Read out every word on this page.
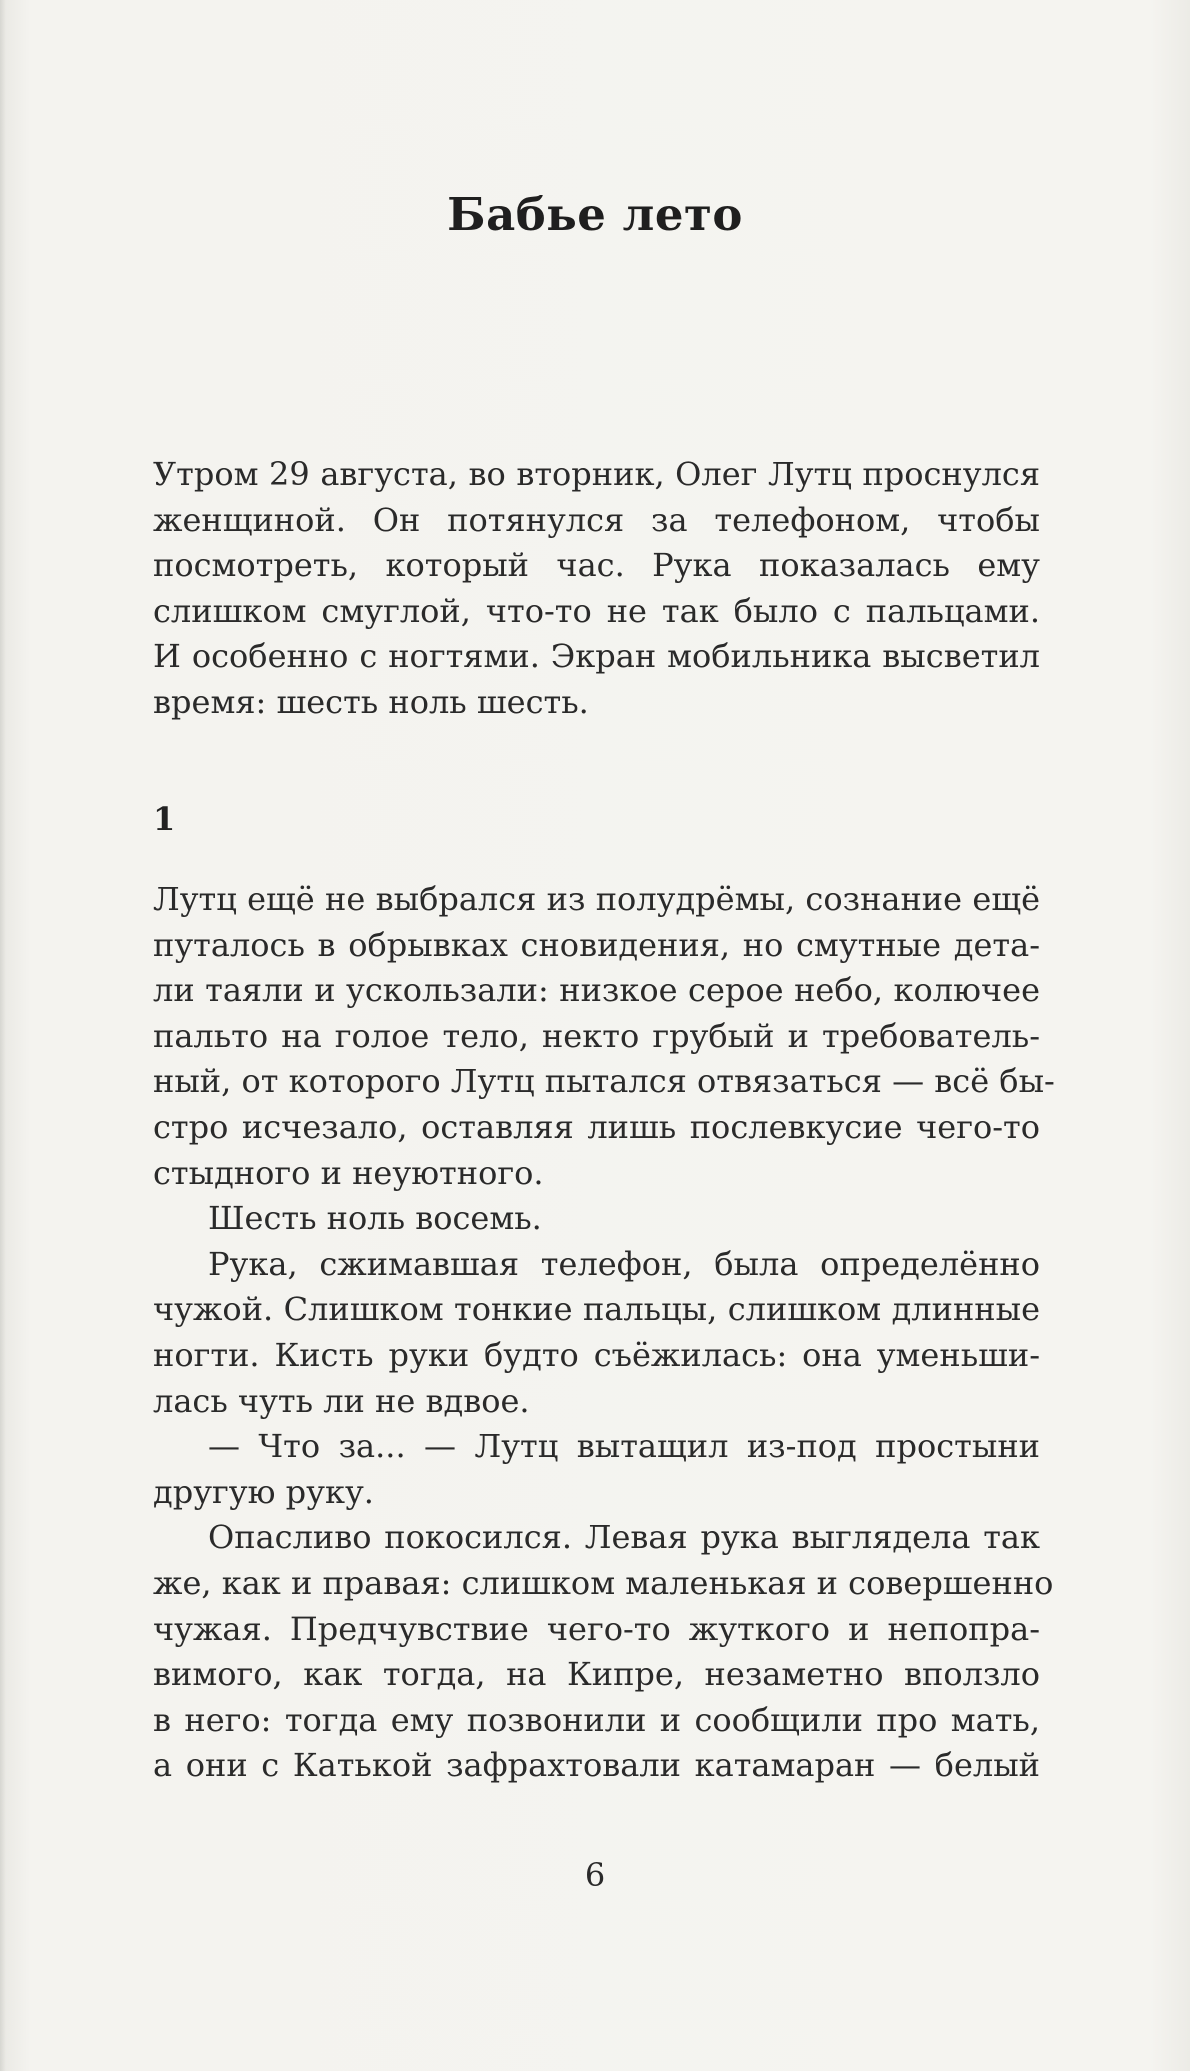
Бабье лето
Утром 29 августа, во вторник, Олег Лутц проснулся
женщиной. Он потянулся за телефоном, чтобы
посмотреть, который час. Рука показалась ему
слишком смуглой, что-то не так было с пальцами.
И особенно с ногтями. Экран мобильника высветил
время: шесть ноль шесть.
1
Лутц ещё не выбрался из полудрёмы, сознание ещё
путалось в обрывках сновидения, но смутные дета-
ли таяли и ускользали: низкое серое небо, колючее
пальто на голое тело, некто грубый и требователь-
ный, от которого Лутц пытался отвязаться — всё бы-
стро исчезало, оставляя лишь послевкусие чего-то
стыдного и неуютного.
Шесть ноль восемь.
Рука, сжимавшая телефон, была определённо
чужой. Слишком тонкие пальцы, слишком длинные
ногти. Кисть руки будто съёжилась: она уменьши-
лась чуть ли не вдвое.
— Что за... — Лутц вытащил из-под простыни
другую руку.
Опасливо покосился. Левая рука выглядела так
же, как и правая: слишком маленькая и совершенно
чужая. Предчувствие чего-то жуткого и непопра-
вимого, как тогда, на Кипре, незаметно вползло
в него: тогда ему позвонили и сообщили про мать,
а они с Катькой зафрахтовали катамаран — белый
6
